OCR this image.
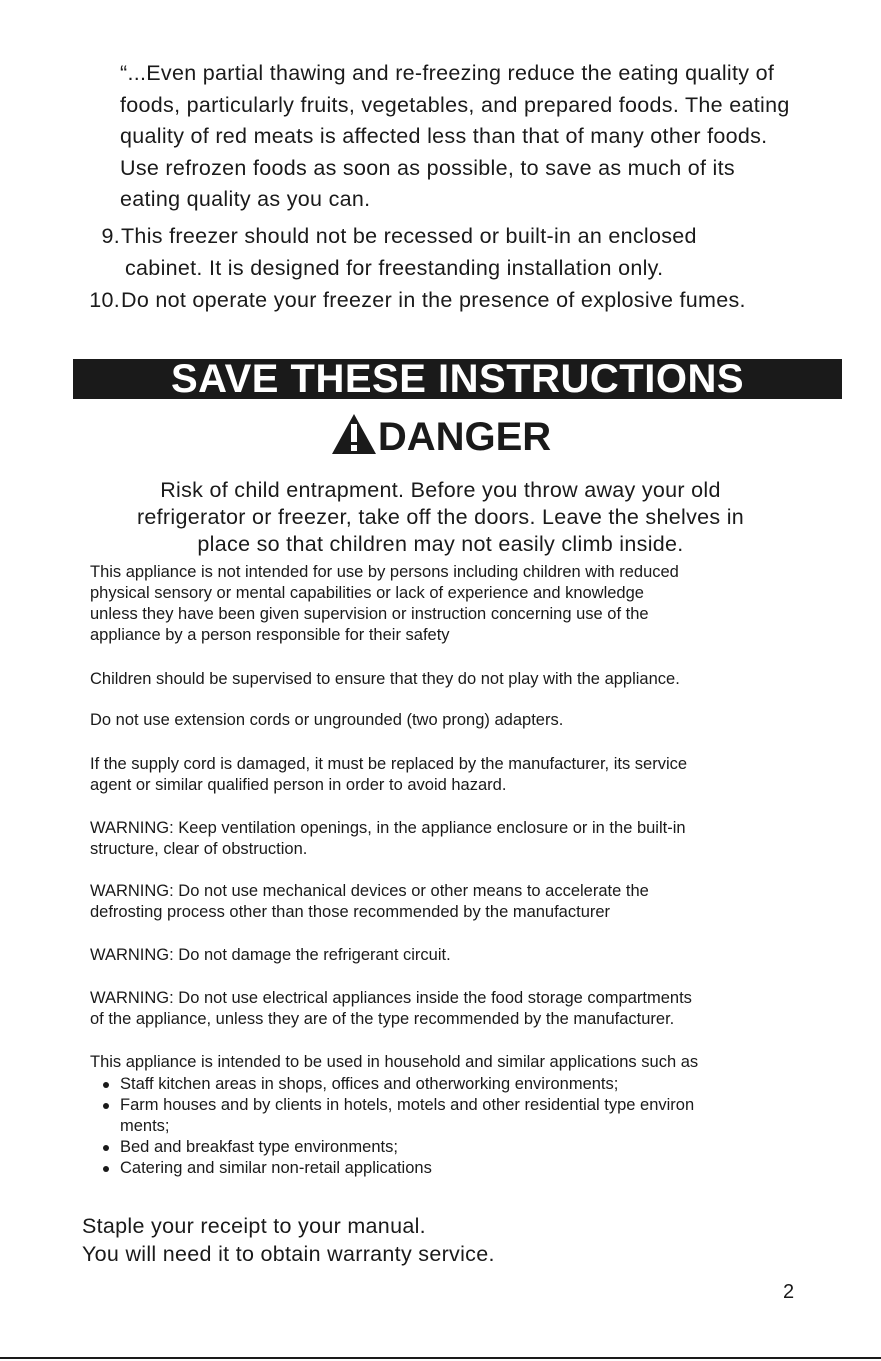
“...Even partial thawing and re-freezing reduce the eating quality of
foods, particularly fruits, vegetables, and prepared foods. The eating
quality of red meats is affected less than that of many other foods.
Use refrozen foods as soon as possible, to save as much of its
eating quality as you can.
9. This freezer should not be recessed or built-in an enclosed
cabinet. It is designed for freestanding installation only.
10. Do not operate your freezer in the presence of explosive fumes.
SAVE THESE INSTRUCTIONS
DANGER
Risk of child entrapment. Before you throw away your old
refrigerator or freezer, take off the doors. Leave the shelves in
place so that children may not easily climb inside.
This appliance is not intended for use by persons including children with reduced
physical sensory or mental capabilities or lack of experience and knowledge
unless they have been given supervision or instruction concerning use of the
appliance by a person responsible for their safety
Children should be supervised to ensure that they do not play with the appliance.
Do not use extension cords or ungrounded (two prong) adapters.
If the supply cord is damaged, it must be replaced by the manufacturer, its service
agent or similar qualified person in order to avoid hazard.
WARNING: Keep ventilation openings, in the appliance enclosure or in the built-in
structure, clear of obstruction.
WARNING: Do not use mechanical devices or other means to accelerate the
defrosting process other than those recommended by the manufacturer
WARNING: Do not damage the refrigerant circuit.
WARNING: Do not use electrical appliances inside the food storage compartments
of the appliance, unless they are of the type recommended by the manufacturer.
This appliance is intended to be used in household and similar applications such as
Staff kitchen areas in shops, offices and otherworking environments;
Farm houses and by clients in hotels, motels and other residential type environ
ments;
Bed and breakfast type environments;
Catering and similar non-retail applications
Staple your receipt to your manual.
You will need it to obtain warranty service.
2
